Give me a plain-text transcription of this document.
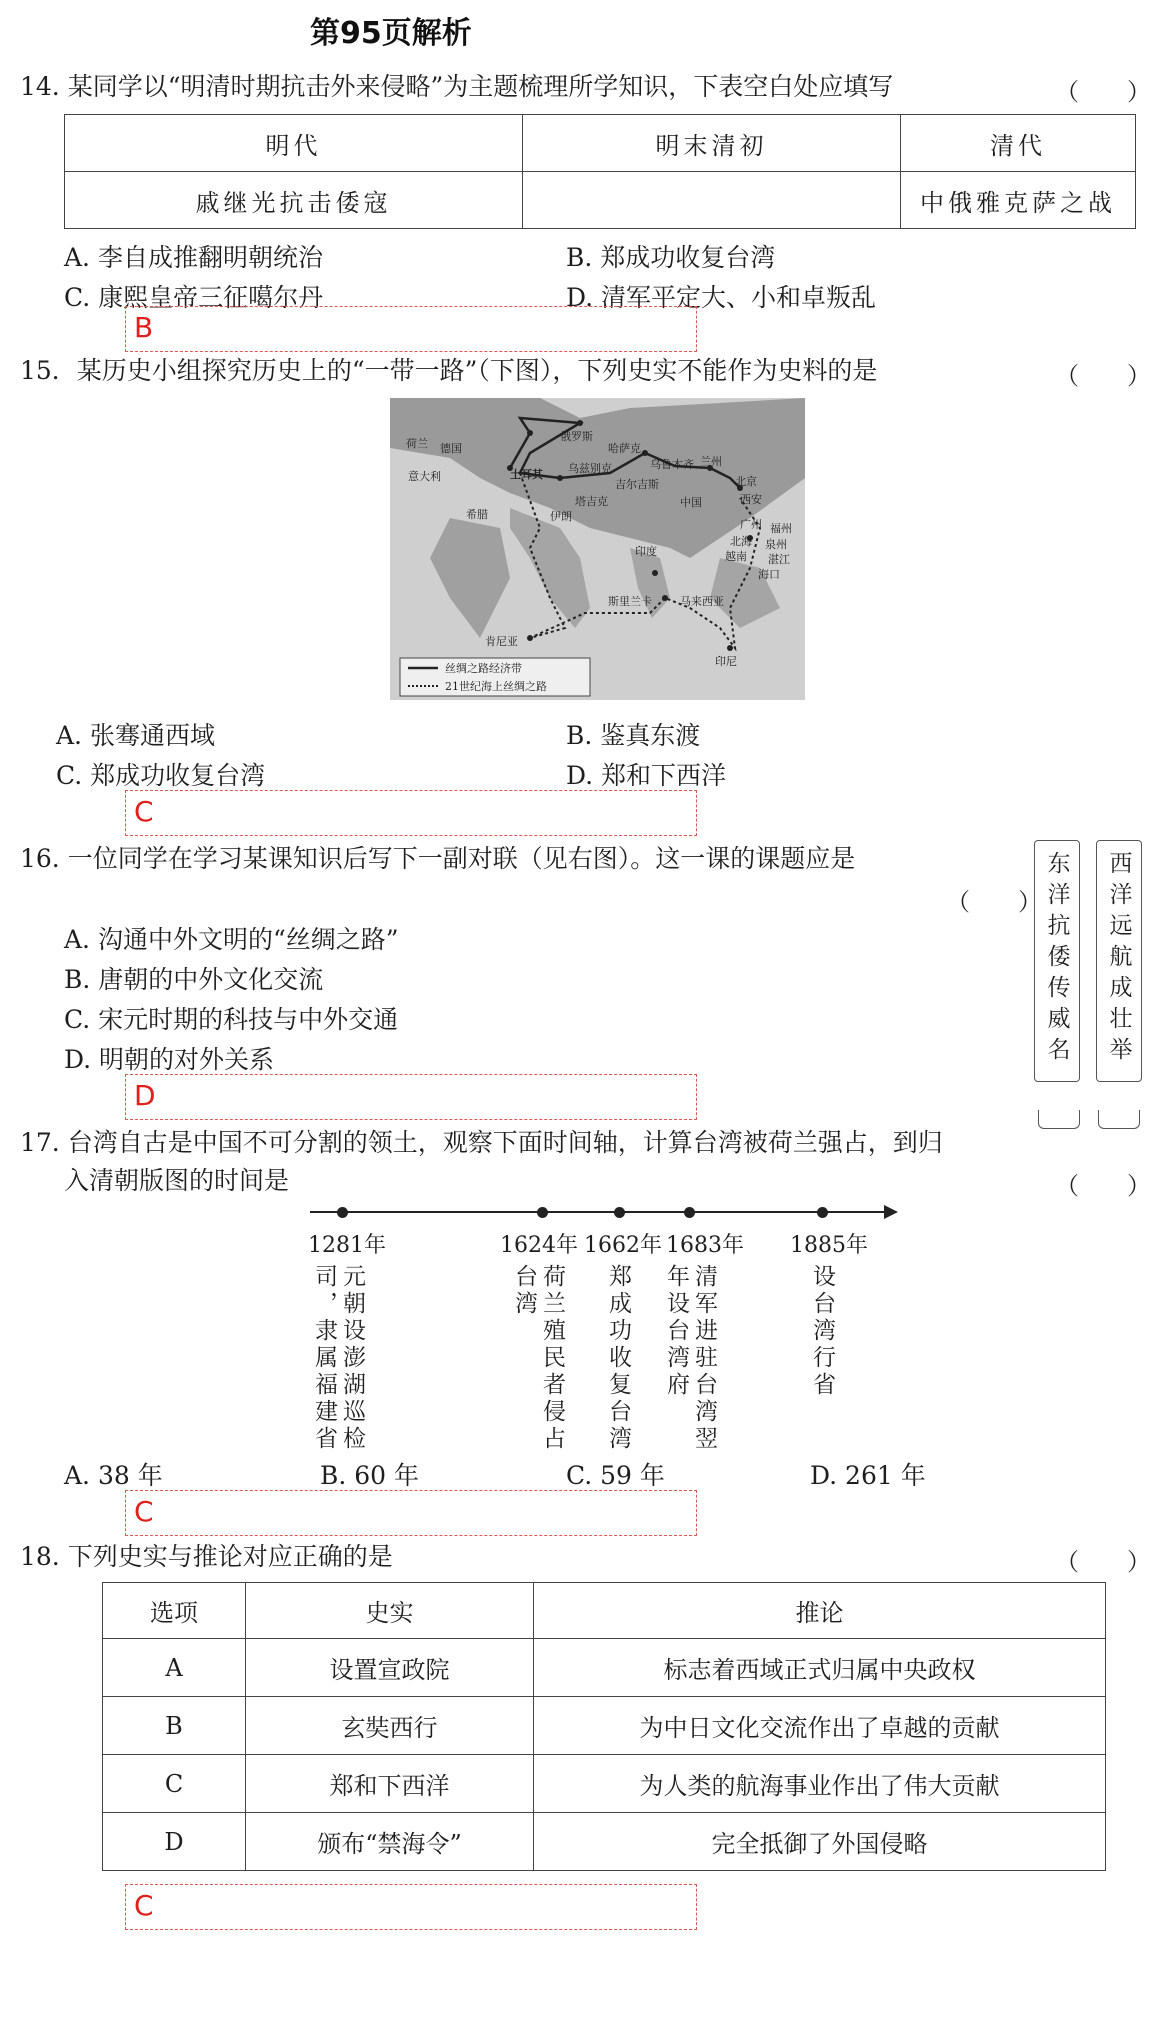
第95页解析
14. 某同学以“明清时期抗击外来侵略”为主题梳理所学知识，下表空白处应填写	（　　）
明代	明末清初	清代
戚继光抗击倭寇		中俄雅克萨之战
A. 李自成推翻明朝统治	B. 郑成功收复台湾
C. 康熙皇帝三征噶尔丹	D. 清军平定大、小和卓叛乱
B
15．某历史小组探究历史上的“一带一路”（下图），下列史实不能作为史料的是	（　　）
丝绸之路经济带
21世纪海上丝绸之路
荷兰 德国
俄罗斯
意大利	土耳其
希腊	伊朗
乌兹别克
哈萨克
吉尔吉斯
塔吉克
乌鲁木齐 兰州
北京
西安
中国
广州 福州
北海 泉州
越南 湛江
海口
印度
斯里兰卡	马来西亚
肯尼亚
印尼
A. 张骞通西域	B. 鉴真东渡
C. 郑成功收复台湾	D. 郑和下西洋
C
16. 一位同学在学习某课知识后写下一副对联（见右图）。这一课的课题应是
（　　） 东洋抗倭传威名 西洋远航成壮举
A. 沟通中外文明的“丝绸之路”
B. 唐朝的中外文化交流
C. 宋元时期的科技与中外交通
D. 明朝的对外关系
D
17. 台湾自古是中国不可分割的领土，观察下面时间轴，计算台湾被荷兰强占，到归
入清朝版图的时间是	（　　）
1281年	1624年 1662年 1683年 1885年
元朝设澎湖巡检司，隶属福建省	荷兰殖民者侵占台湾	郑成功收复台湾	清军进驻台湾翌年设台湾府	设台湾行省
A. 38 年	B. 60 年	C. 59 年	D. 261 年
C
18. 下列史实与推论对应正确的是	（　　）
选项	史实	推论
A	设置宣政院	标志着西域正式归属中央政权
B	玄奘西行	为中日文化交流作出了卓越的贡献
C	郑和下西洋	为人类的航海事业作出了伟大贡献
D	颁布“禁海令”	完全抵御了外国侵略
C
